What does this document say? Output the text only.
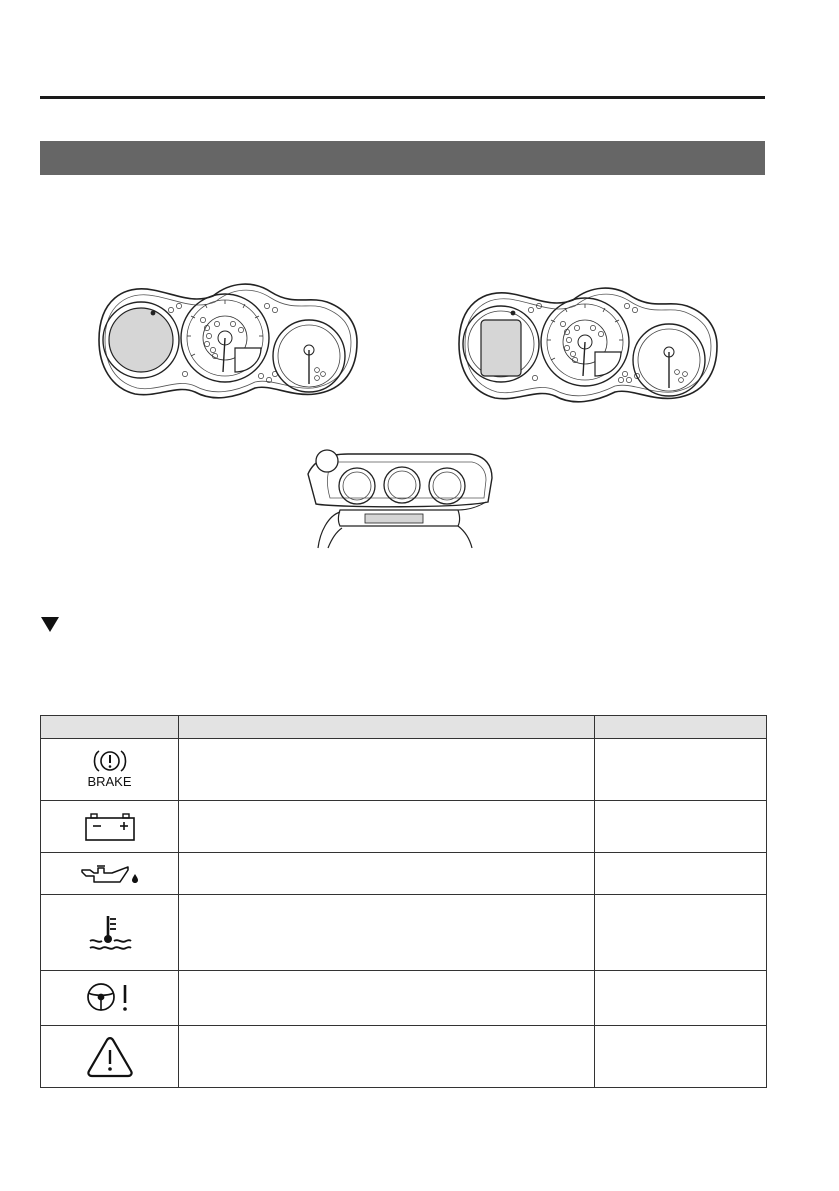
BRAKE		
